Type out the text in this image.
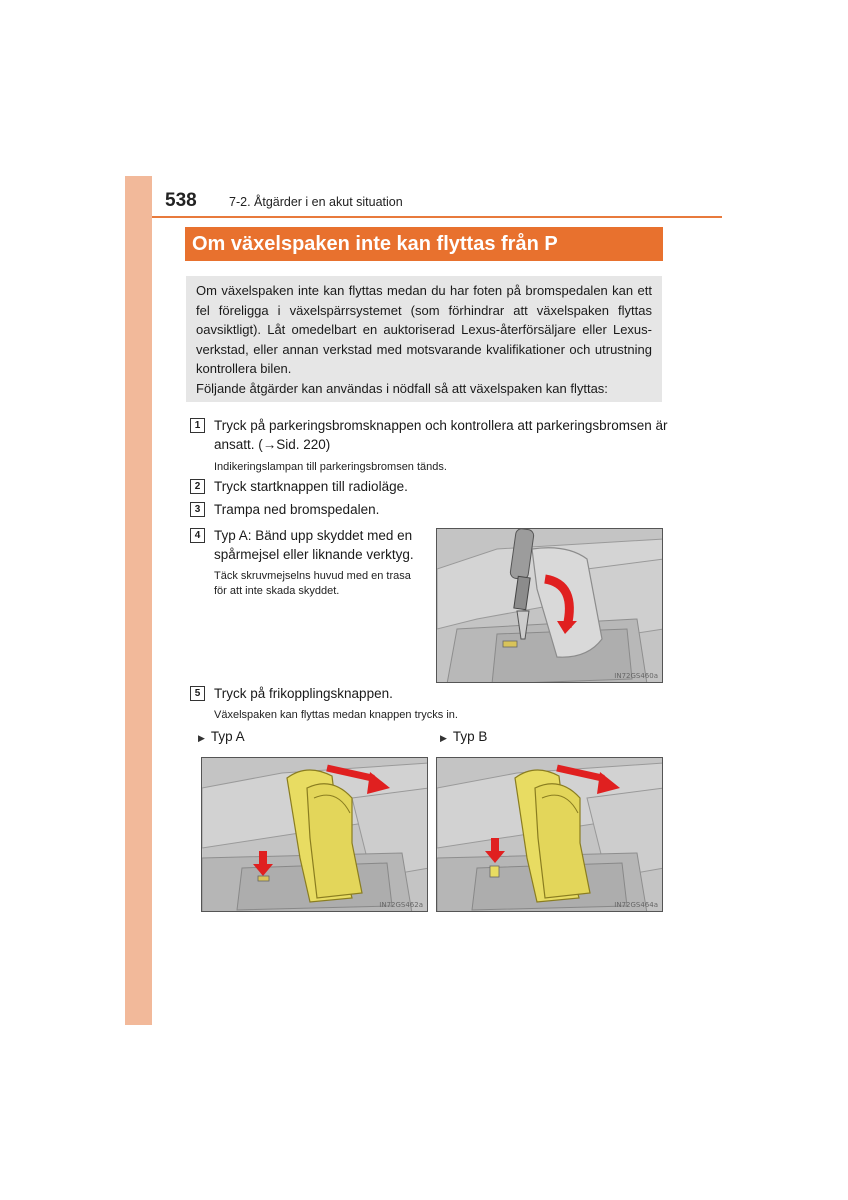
538	7-2. Åtgärder i en akut situation
Om växelspaken inte kan flyttas från P

Om växelspaken inte kan flyttas medan du har foten på bromspedalen kan ett fel föreligga i växelspärrsystemet (som förhindrar att växelspaken flyttas oavsiktligt). Låt omedelbart en auktoriserad Lexus-återförsäljare eller Lexus-verkstad, eller annan verkstad med motsvarande kvalifikationer och utrustning kontrollera bilen.

Följande åtgärder kan användas i nödfall så att växelspaken kan flyttas:

1	Tryck på parkeringsbromsknappen och kontrollera att parkeringsbromsen är
ansatt. (→Sid. 220)
Indikeringslampan till parkeringsbromsen tänds.
2	Tryck startknappen till radioläge.
3	Trampa ned bromspedalen.
4	Typ A: Bänd upp skyddet med en
spårmejsel eller liknande verktyg.
Täck skruvmejselns huvud med en trasa
för att inte skada skyddet.
IN72GS460a
5	Tryck på frikopplingsknappen.
Växelspaken kan flyttas medan knappen trycks in.
▶ Typ A	▶ Typ B
IN72GS462a	IN72GS464a
